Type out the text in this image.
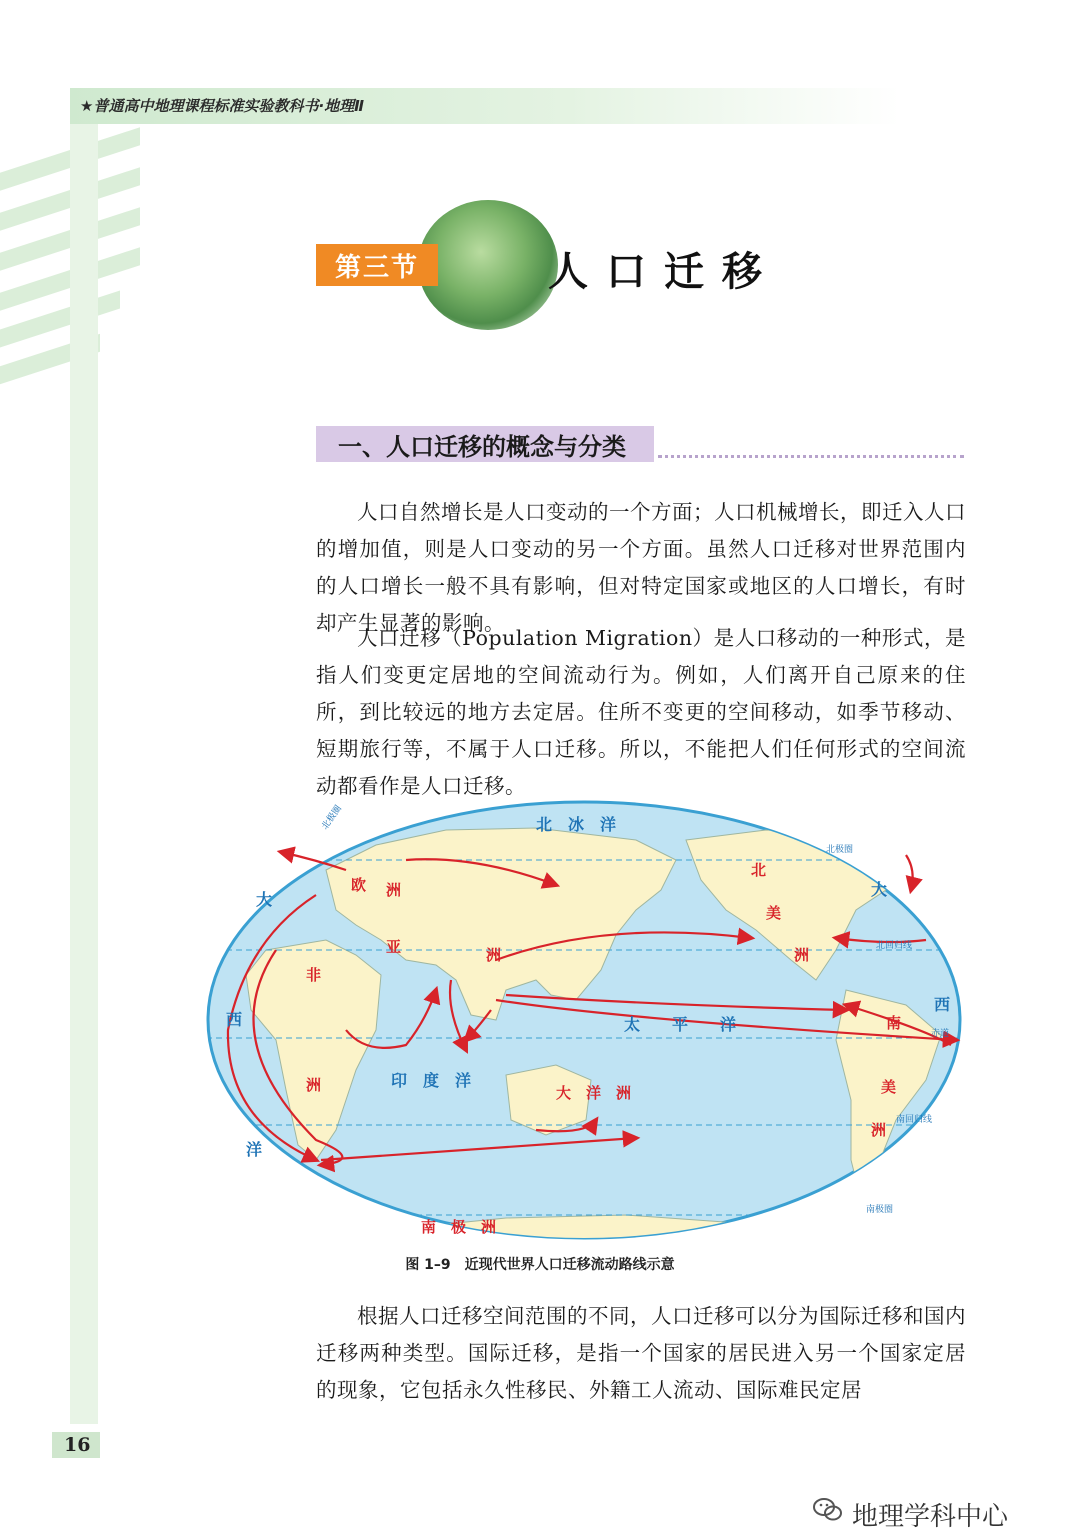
★普通高中地理课程标准实验教科书·地理Ⅱ
第三节	人口迁移
一、人口迁移的概念与分类

人口自然增长是人口变动的一个方面；人口机械增长，即迁入人口的增加值，则是人口变动的另一个方面。虽然人口迁移对世界范围内的人口增长一般不具有影响，但对特定国家或地区的人口增长，有时却产生显著的影响。

人口迁移（Population Migration）是人口移动的一种形式，是指人们变更定居地的空间流动行为。例如，人们离开自己原来的住所，到比较远的地方去定居。住所不变更的空间移动，如季节移动、短期旅行等，不属于人口迁移。所以，不能把人们任何形式的空间流动都看作是人口迁移。

北　冰　洋
太　　平　　洋
印　度　洋
大
西
洋
大
西
欧 洲
亚	洲
非
洲
北
美
洲
南
美
洲
大　洋　洲
南　极　洲
北极圈
北回归线
赤道
南回归线
南极圈
北极圈
图 1–9　近现代世界人口迁移流动路线示意

根据人口迁移空间范围的不同，人口迁移可以分为国际迁移和国内迁移两种类型。国际迁移，是指一个国家的居民进入另一个国家定居的现象，它包括永久性移民、外籍工人流动、国际难民定居

16
地理学科中心
